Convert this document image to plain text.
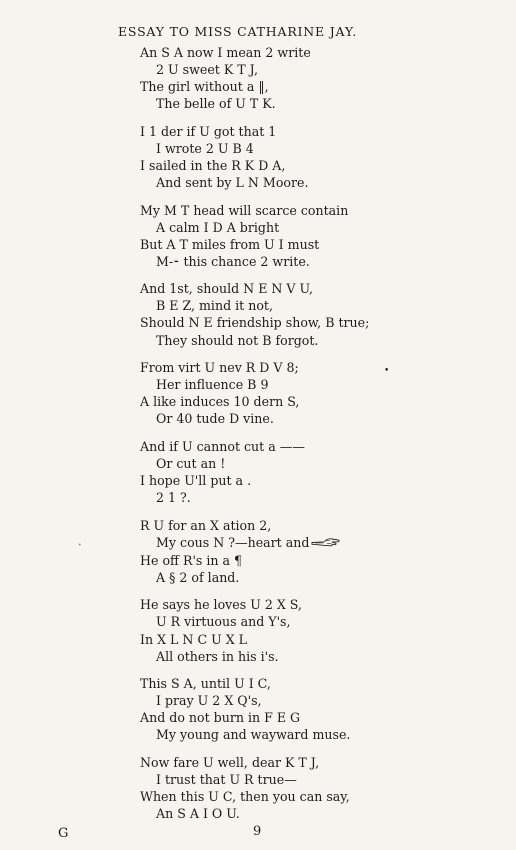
ESSAY TO MISS CATHARINE JAY.
An S A now I mean 2 write
2 U sweet K T J,
The girl without a ‖,
The belle of U T K.
I 1 der if U got that 1
I wrote 2 U B 4
I sailed in the R K D A,
And sent by L N Moore.
My M T head will scarce contain
A calm I D A bright
But A T miles from U I must
M-⁃ this chance 2 write.
And 1st, should N E N V U,
B E Z, mind it not,
Should N E friendship show, B true;
They should not B forgot.
From virt U nev R D V 8;
Her influence B 9
A like induces 10 dern S,
Or 40 tude D vine.
And if U cannot cut a ——
Or cut an !
I hope U'll put a .
2 1 ?.
R U for an X ation 2,
My cous N ?—heart and
He off R's in a ¶
A § 2 of land.
He says he loves U 2 X S,
U R virtuous and Y's,
In X L N C U X L
All others in his i's.
This S A, until U I C,
I pray U 2 X Q's,
And do not burn in F E G
My young and wayward muse.
Now fare U well, dear K T J,
I trust that U R true—
When this U C, then you can say,
An S A I O U.
•
•
G	9
